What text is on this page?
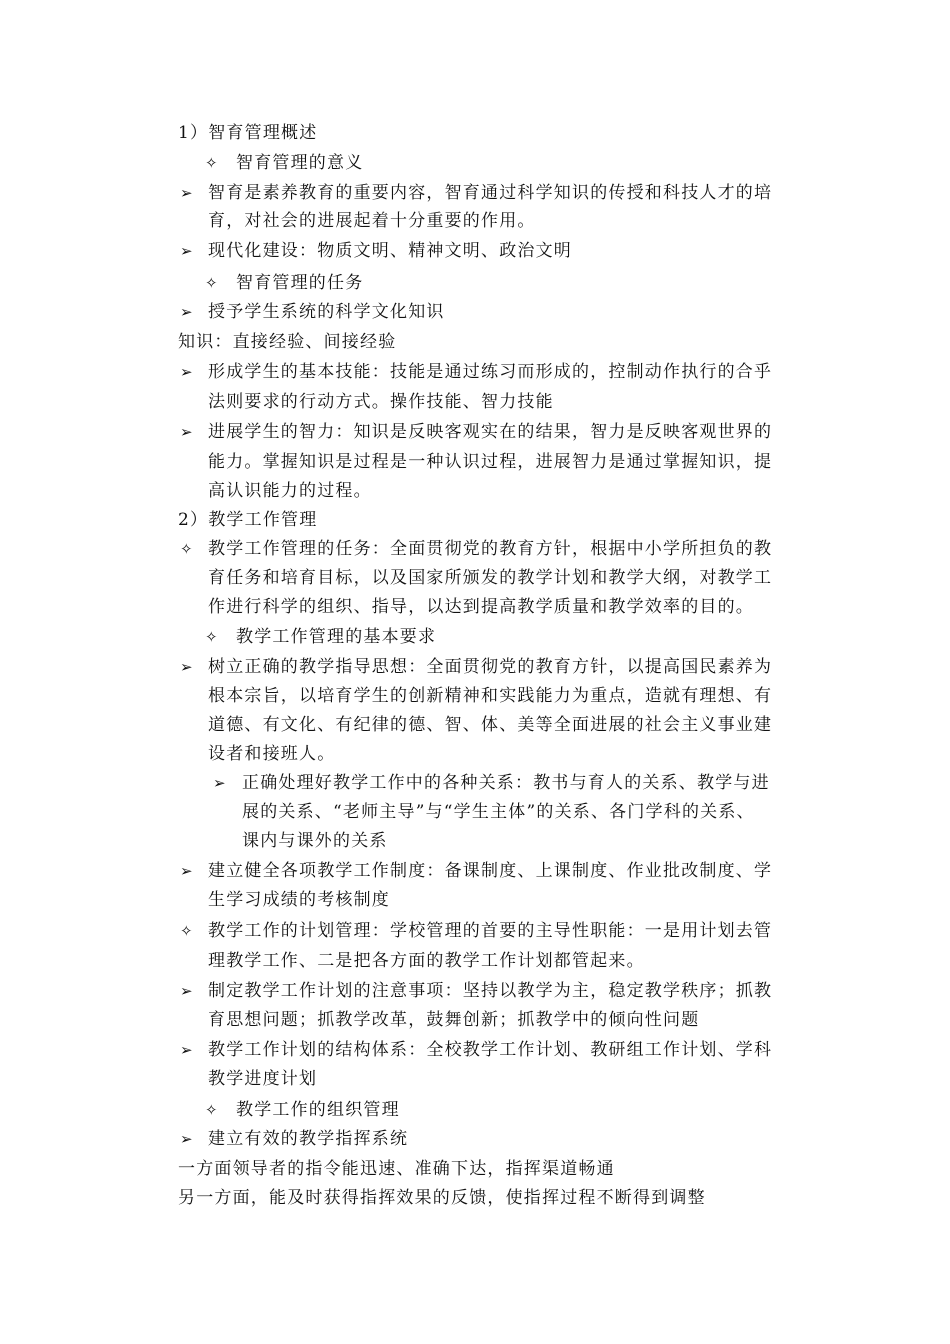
1）智育管理概述
✧ 智育管理的意义
➢ 智育是素养教育的重要内容，智育通过科学知识的传授和科技人才的培
育，对社会的进展起着十分重要的作用。
➢ 现代化建设：物质文明、精神文明、政治文明
✧ 智育管理的任务
➢ 授予学生系统的科学文化知识
知识：直接经验、间接经验
➢ 形成学生的基本技能：技能是通过练习而形成的，控制动作执行的合乎
法则要求的行动方式。操作技能、智力技能
➢ 进展学生的智力：知识是反映客观实在的结果，智力是反映客观世界的
能力。掌握知识是过程是一种认识过程，进展智力是通过掌握知识，提
高认识能力的过程。
2）教学工作管理
✧ 教学工作管理的任务：全面贯彻党的教育方针，根据中小学所担负的教
育任务和培育目标，以及国家所颁发的教学计划和教学大纲，对教学工
作进行科学的组织、指导，以达到提高教学质量和教学效率的目的。
✧ 教学工作管理的基本要求
➢ 树立正确的教学指导思想：全面贯彻党的教育方针，以提高国民素养为
根本宗旨，以培育学生的创新精神和实践能力为重点，造就有理想、有
道德、有文化、有纪律的德、智、体、美等全面进展的社会主义事业建
设者和接班人。
➢ 正确处理好教学工作中的各种关系：教书与育人的关系、教学与进
展的关系、“老师主导”与“学生主体”的关系、各门学科的关系、
课内与课外的关系
➢ 建立健全各项教学工作制度：备课制度、上课制度、作业批改制度、学
生学习成绩的考核制度
✧ 教学工作的计划管理：学校管理的首要的主导性职能：一是用计划去管
理教学工作、二是把各方面的教学工作计划都管起来。
➢ 制定教学工作计划的注意事项：坚持以教学为主，稳定教学秩序；抓教
育思想问题；抓教学改革，鼓舞创新；抓教学中的倾向性问题
➢ 教学工作计划的结构体系：全校教学工作计划、教研组工作计划、学科
教学进度计划
✧ 教学工作的组织管理
➢ 建立有效的教学指挥系统
一方面领导者的指令能迅速、准确下达，指挥渠道畅通
另一方面，能及时获得指挥效果的反馈，使指挥过程不断得到调整
